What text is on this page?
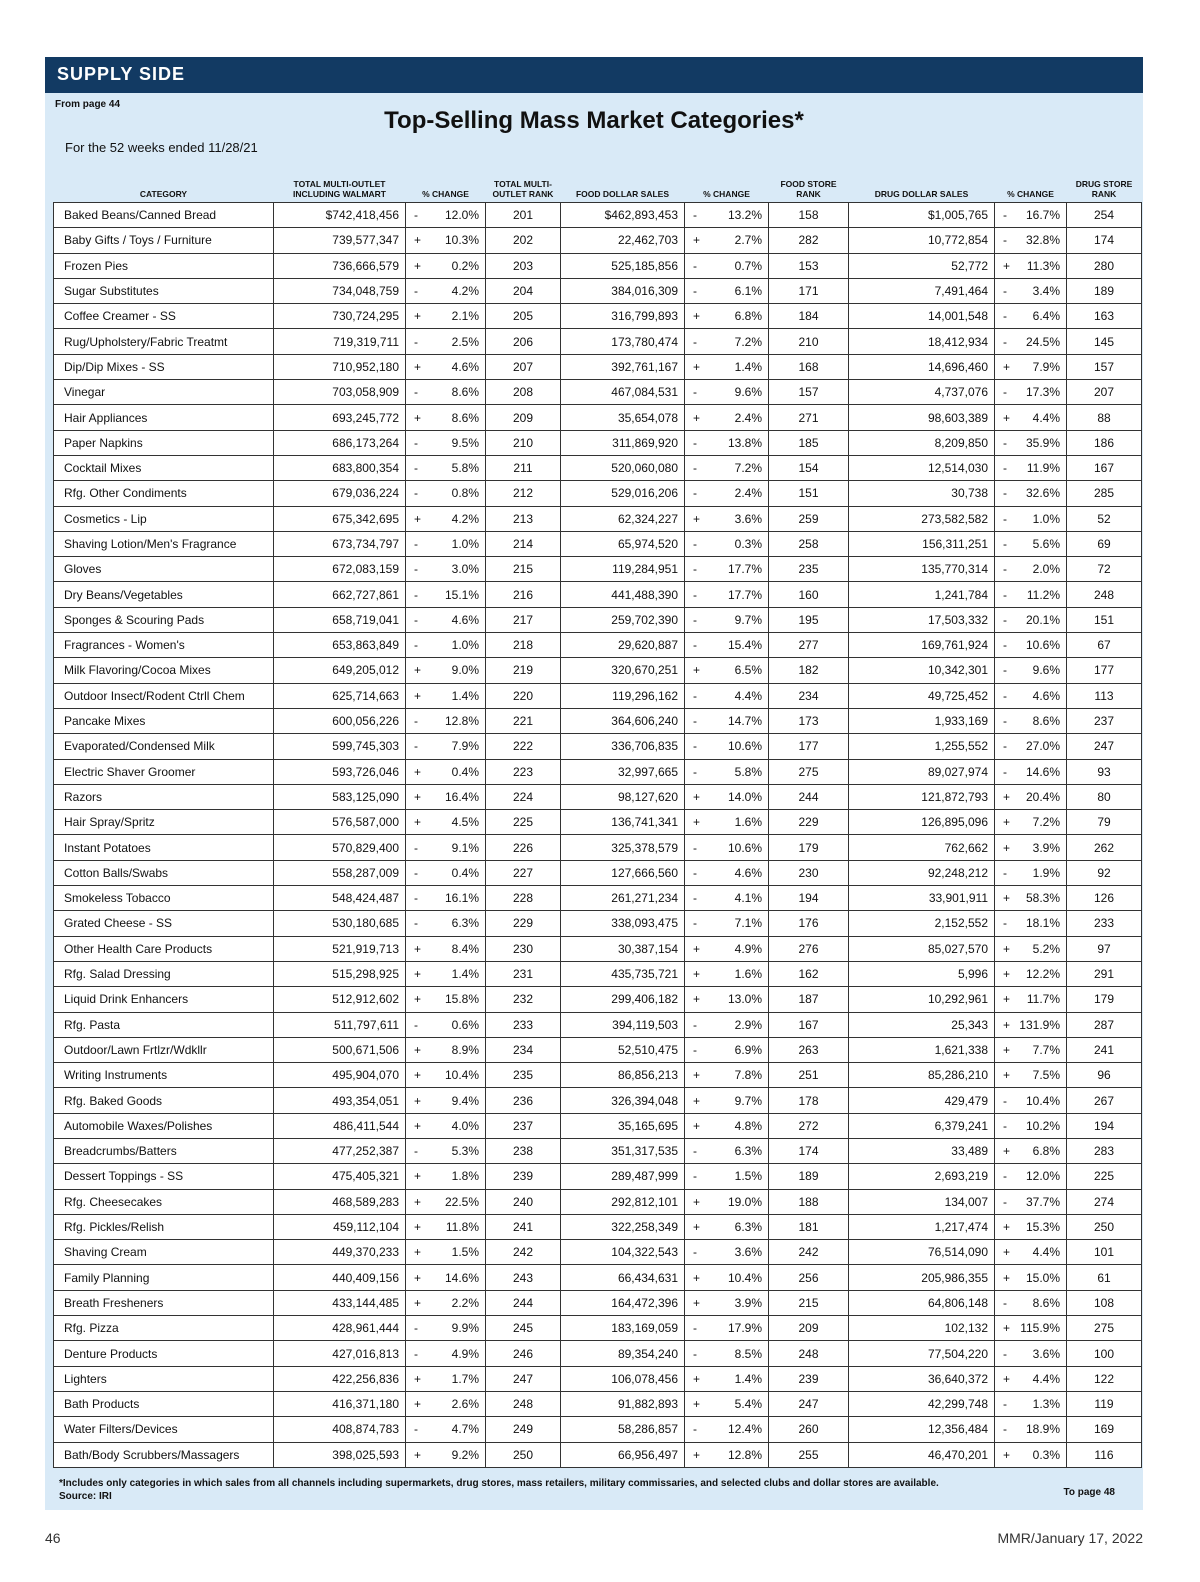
SUPPLY SIDE
From page 44
Top-Selling Mass Market Categories*
For the 52 weeks ended 11/28/21
CATEGORY	TOTAL MULTI-OUTLET INCLUDING WALMART	% CHANGE	TOTAL MULTI-OUTLET RANK	FOOD DOLLAR SALES	% CHANGE	FOOD STORE RANK	DRUG DOLLAR SALES	% CHANGE	DRUG STORE RANK
Baked Beans/Canned Bread	$742,418,456	- 12.0%	201	$462,893,453	- 13.2%	158	$1,005,765	- 16.7%	254
Baby Gifts / Toys / Furniture	739,577,347	+ 10.3%	202	22,462,703	+ 2.7%	282	10,772,854	- 32.8%	174
Frozen Pies	736,666,579	+ 0.2%	203	525,185,856	- 0.7%	153	52,772	+ 11.3%	280
Sugar Substitutes	734,048,759	- 4.2%	204	384,016,309	- 6.1%	171	7,491,464	- 3.4%	189
Coffee Creamer - SS	730,724,295	+ 2.1%	205	316,799,893	+ 6.8%	184	14,001,548	- 6.4%	163
Rug/Upholstery/Fabric Treatmt	719,319,711	- 2.5%	206	173,780,474	- 7.2%	210	18,412,934	- 24.5%	145
Dip/Dip Mixes - SS	710,952,180	+ 4.6%	207	392,761,167	+ 1.4%	168	14,696,460	+ 7.9%	157
Vinegar	703,058,909	- 8.6%	208	467,084,531	- 9.6%	157	4,737,076	- 17.3%	207
Hair Appliances	693,245,772	+ 8.6%	209	35,654,078	+ 2.4%	271	98,603,389	+ 4.4%	88
Paper Napkins	686,173,264	- 9.5%	210	311,869,920	- 13.8%	185	8,209,850	- 35.9%	186
Cocktail Mixes	683,800,354	- 5.8%	211	520,060,080	- 7.2%	154	12,514,030	- 11.9%	167
Rfg. Other Condiments	679,036,224	- 0.8%	212	529,016,206	- 2.4%	151	30,738	- 32.6%	285
Cosmetics - Lip	675,342,695	+ 4.2%	213	62,324,227	+ 3.6%	259	273,582,582	- 1.0%	52
Shaving Lotion/Men's Fragrance	673,734,797	- 1.0%	214	65,974,520	- 0.3%	258	156,311,251	- 5.6%	69
Gloves	672,083,159	- 3.0%	215	119,284,951	- 17.7%	235	135,770,314	- 2.0%	72
Dry Beans/Vegetables	662,727,861	- 15.1%	216	441,488,390	- 17.7%	160	1,241,784	- 11.2%	248
Sponges & Scouring Pads	658,719,041	- 4.6%	217	259,702,390	- 9.7%	195	17,503,332	- 20.1%	151
Fragrances - Women's	653,863,849	- 1.0%	218	29,620,887	- 15.4%	277	169,761,924	- 10.6%	67
Milk Flavoring/Cocoa Mixes	649,205,012	+ 9.0%	219	320,670,251	+ 6.5%	182	10,342,301	- 9.6%	177
Outdoor Insect/Rodent Ctrll Chem	625,714,663	+ 1.4%	220	119,296,162	- 4.4%	234	49,725,452	- 4.6%	113
Pancake Mixes	600,056,226	- 12.8%	221	364,606,240	- 14.7%	173	1,933,169	- 8.6%	237
Evaporated/Condensed Milk	599,745,303	- 7.9%	222	336,706,835	- 10.6%	177	1,255,552	- 27.0%	247
Electric Shaver Groomer	593,726,046	+ 0.4%	223	32,997,665	- 5.8%	275	89,027,974	- 14.6%	93
Razors	583,125,090	+ 16.4%	224	98,127,620	+ 14.0%	244	121,872,793	+ 20.4%	80
Hair Spray/Spritz	576,587,000	+ 4.5%	225	136,741,341	+ 1.6%	229	126,895,096	+ 7.2%	79
Instant Potatoes	570,829,400	- 9.1%	226	325,378,579	- 10.6%	179	762,662	+ 3.9%	262
Cotton Balls/Swabs	558,287,009	- 0.4%	227	127,666,560	- 4.6%	230	92,248,212	- 1.9%	92
Smokeless Tobacco	548,424,487	- 16.1%	228	261,271,234	- 4.1%	194	33,901,911	+ 58.3%	126
Grated Cheese - SS	530,180,685	- 6.3%	229	338,093,475	- 7.1%	176	2,152,552	- 18.1%	233
Other Health Care Products	521,919,713	+ 8.4%	230	30,387,154	+ 4.9%	276	85,027,570	+ 5.2%	97
Rfg. Salad Dressing	515,298,925	+ 1.4%	231	435,735,721	+ 1.6%	162	5,996	+ 12.2%	291
Liquid Drink Enhancers	512,912,602	+ 15.8%	232	299,406,182	+ 13.0%	187	10,292,961	+ 11.7%	179
Rfg. Pasta	511,797,611	- 0.6%	233	394,119,503	- 2.9%	167	25,343	+ 131.9%	287
Outdoor/Lawn Frtlzr/Wdkllr	500,671,506	+ 8.9%	234	52,510,475	- 6.9%	263	1,621,338	+ 7.7%	241
Writing Instruments	495,904,070	+ 10.4%	235	86,856,213	+ 7.8%	251	85,286,210	+ 7.5%	96
Rfg. Baked Goods	493,354,051	+ 9.4%	236	326,394,048	+ 9.7%	178	429,479	- 10.4%	267
Automobile Waxes/Polishes	486,411,544	+ 4.0%	237	35,165,695	+ 4.8%	272	6,379,241	- 10.2%	194
Breadcrumbs/Batters	477,252,387	- 5.3%	238	351,317,535	- 6.3%	174	33,489	+ 6.8%	283
Dessert Toppings - SS	475,405,321	+ 1.8%	239	289,487,999	- 1.5%	189	2,693,219	- 12.0%	225
Rfg. Cheesecakes	468,589,283	+ 22.5%	240	292,812,101	+ 19.0%	188	134,007	- 37.7%	274
Rfg. Pickles/Relish	459,112,104	+ 11.8%	241	322,258,349	+ 6.3%	181	1,217,474	+ 15.3%	250
Shaving Cream	449,370,233	+ 1.5%	242	104,322,543	- 3.6%	242	76,514,090	+ 4.4%	101
Family Planning	440,409,156	+ 14.6%	243	66,434,631	+ 10.4%	256	205,986,355	+ 15.0%	61
Breath Fresheners	433,144,485	+ 2.2%	244	164,472,396	+ 3.9%	215	64,806,148	- 8.6%	108
Rfg. Pizza	428,961,444	- 9.9%	245	183,169,059	- 17.9%	209	102,132	+ 115.9%	275
Denture Products	427,016,813	- 4.9%	246	89,354,240	- 8.5%	248	77,504,220	- 3.6%	100
Lighters	422,256,836	+ 1.7%	247	106,078,456	+ 1.4%	239	36,640,372	+ 4.4%	122
Bath Products	416,371,180	+ 2.6%	248	91,882,893	+ 5.4%	247	42,299,748	- 1.3%	119
Water Filters/Devices	408,874,783	- 4.7%	249	58,286,857	- 12.4%	260	12,356,484	- 18.9%	169
Bath/Body Scrubbers/Massagers	398,025,593	+ 9.2%	250	66,956,497	+ 12.8%	255	46,470,201	+ 0.3%	116
*Includes only categories in which sales from all channels including supermarkets, drug stores, mass retailers, military commissaries, and selected clubs and dollar stores are available.
Source: IRI	To page 48
46	MMR/January 17, 2022
